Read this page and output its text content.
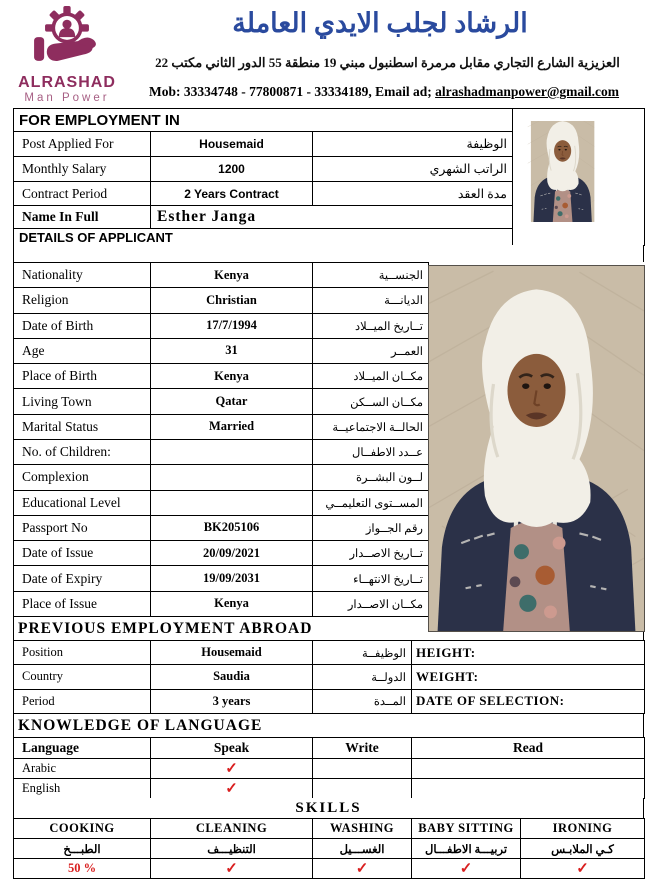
ALRASHAD
Man Power
الرشاد لجلب الايدي العاملة
العزيزية الشارع التجاري مقابل مرمرة اسطنبول مبني 19 منطقة 55 الدور الثاني مكتب 22
Mob: 33334748 - 77800871 - 33334189, Email ad; alrashadmanpower@gmail.com
FOR EMPLOYMENT IN			
Post Applied For	Housemaid	الوظيفة	
Monthly Salary	1200	الراتب الشهري	
Contract Period	2 Years Contract	مدة العقد	
Name In Full	Esther Janga		
DETAILS OF APPLICANT			
Nationality	Kenya	الجنســية
Religion	Christian	الديانـــة
Date of Birth	17/7/1994	تــاريخ الميــلاد
Age	31	العمــر
Place of Birth	Kenya	مكــان الميــلاد
Living Town	Qatar	مكــان الســكن
Marital Status	Married	الحالــة الاجتماعيــة
No. of Children:		عــدد الاطفــال
Complexion		لــون البشــرة
Educational Level		المســتوى التعليمــي
Passport No	BK205106	رقم الجــواز
Date of Issue	20/09/2021	تــاريخ الاصــدار
Date of Expiry	19/09/2031	تــاريخ الانتهــاء
Place of Issue	Kenya	مكــان الاصــدار
PREVIOUS EMPLOYMENT ABROAD
Position	Housemaid	الوظيفــة	HEIGHT:
Country	Saudia	الدولــة	WEIGHT:
Period	3 years	المــدة	DATE OF SELECTION:
KNOWLEDGE OF LANGUAGE
Language	Speak	Write	Read
Arabic	✓		
English	✓		
SKILLS
COOKING	CLEANING	WASHING	BABY SITTING	IRONING
الطبـــخ	التنظيـــف	الغســـيل	تربيـــة الاطفـــال	كـي الملابـس
50 %	✓	✓	✓	✓
